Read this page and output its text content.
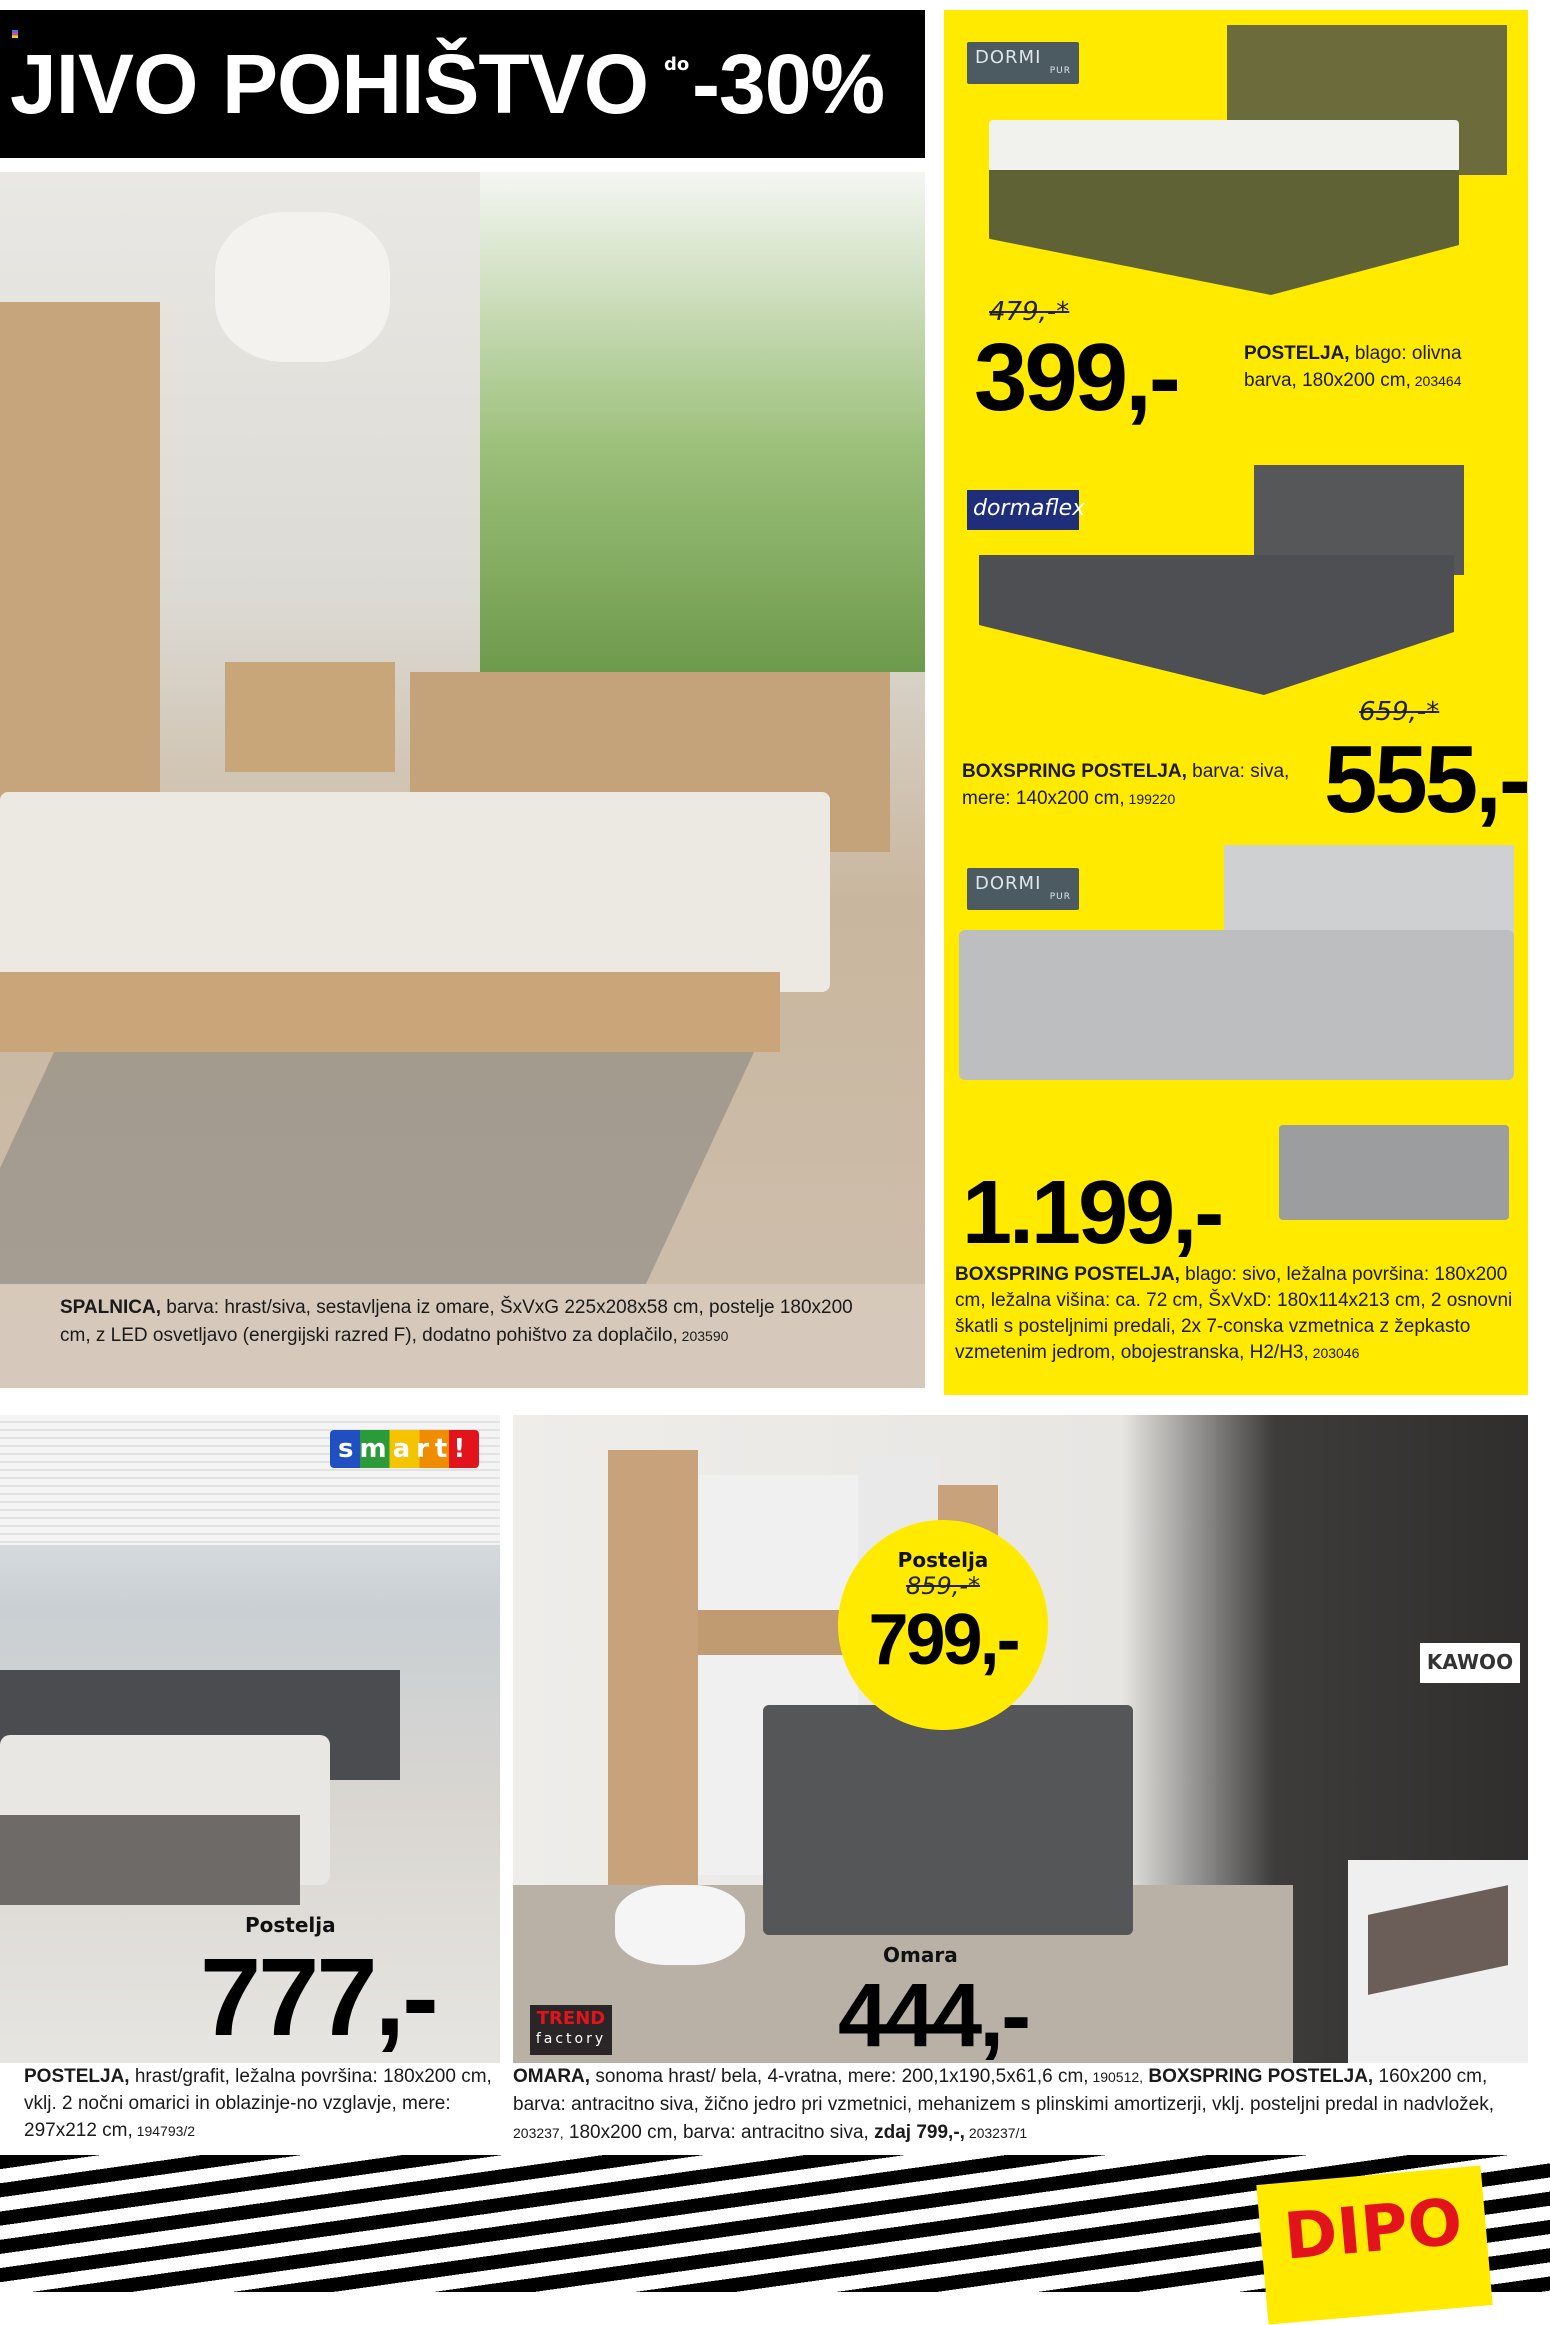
JIVO POHIŠTVO do -30%
SPALNICA, barva: hrast/siva, sestavljena iz omare, ŠxVxG 225x208x58 cm, postelje 180x200 cm, z LED osvetljavo (energijski razred F), dodatno pohištvo za doplačilo, 203590
DORMI
PUR
479,-*
399,-	POSTELJA, blago: olivna barva, 180x200 cm, 203464
dormaflex
659,-*
555,-
BOXSPRING POSTELJA, barva: siva, mere: 140x200 cm, 199220
DORMI
PUR
1.199,-
BOXSPRING POSTELJA, blago: sivo, ležalna površina: 180x200 cm, ležalna višina: ca. 72 cm, ŠxVxD: 180x114x213 cm, 2 osnovni škatli s posteljnimi predali, 2x 7-conska vzmetnica z žepkasto vzmetenim jedrom, obojestranska, H2/H3, 203046
smart!
Postelja
777,-
Postelja
859,-*
799,-	KAWOO
TREND
factory
Omara
444,-
POSTELJA, hrast/grafit, ležalna površina: 180x200 cm, vklj. 2 nočni omarici in oblazinje-no vzglavje, mere: 297x212 cm, 194793/2
OMARA, sonoma hrast/ bela, 4-vratna, mere: 200,1x190,5x61,6 cm, 190512, BOXSPRING POSTELJA, 160x200 cm, barva: antracitno siva, žično jedro pri vzmetnici, mehanizem s plinskimi amortizerji, vklj. posteljni predal in nadvložek, 203237, 180x200 cm, barva: antracitno siva, zdaj 799,-, 203237/1
DIPO
